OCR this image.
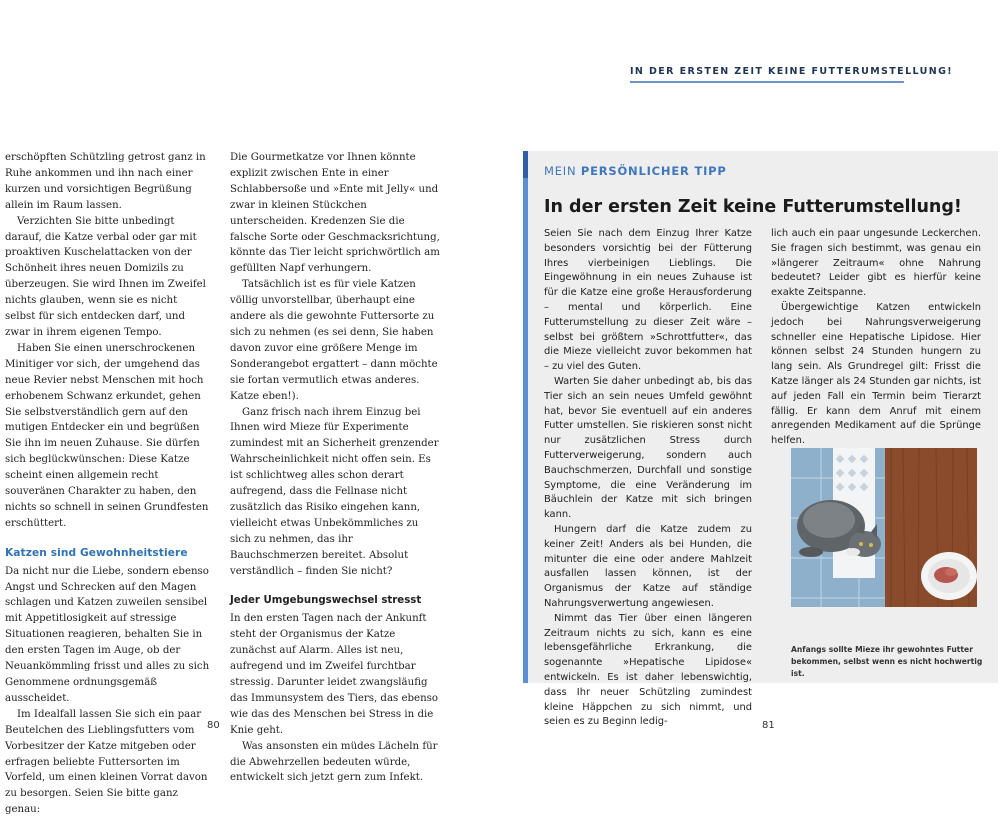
erschöpften Schützling getrost ganz in Ruhe ankommen und ihn nach einer kurzen und vorsichtigen Begrüßung allein im Raum lassen.

Verzichten Sie bitte unbedingt darauf, die Katze verbal oder gar mit proaktiven Kuschelattacken von der Schönheit ihres neuen Domizils zu überzeugen. Sie wird Ihnen im Zweifel nichts glauben, wenn sie es nicht selbst für sich entdecken darf, und zwar in ihrem eigenen Tempo.

Haben Sie einen unerschrockenen Minitiger vor sich, der umgehend das neue Revier nebst Menschen mit hoch erhobenem Schwanz erkundet, gehen Sie selbstverständlich gern auf den mutigen Entdecker ein und begrüßen Sie ihn im neuen Zuhause. Sie dürfen sich beglückwünschen: Diese Katze scheint einen allgemein recht souveränen Charakter zu haben, den nichts so schnell in seinen Grundfesten erschüttert.

Katzen sind Gewohnheitstiere

Da nicht nur die Liebe, sondern ebenso Angst und Schrecken auf den Magen schlagen und Katzen zuweilen sensibel mit Appetitlosigkeit auf stressige Situationen reagieren, behalten Sie in den ersten Tagen im Auge, ob der Neuankömmling frisst und alles zu sich Genommene ordnungsgemäß ausscheidet.

Im Idealfall lassen Sie sich ein paar Beutelchen des Lieblingsfutters vom Vorbesitzer der Katze mitgeben oder erfragen beliebte Futtersorten im Vorfeld, um einen kleinen Vorrat davon zu besorgen. Seien Sie bitte ganz genau:

Die Gourmetkatze vor Ihnen könnte explizit zwischen Ente in einer Schlabbersoße und »Ente mit Jelly« und zwar in kleinen Stückchen unterscheiden. Kredenzen Sie die falsche Sorte oder Geschmacksrichtung, könnte das Tier leicht sprichwörtlich am gefüllten Napf verhungern.

Tatsächlich ist es für viele Katzen völlig unvorstellbar, überhaupt eine andere als die gewohnte Futtersorte zu sich zu nehmen (es sei denn, Sie haben davon zuvor eine größere Menge im Sonderangebot ergattert – dann möchte sie fortan vermutlich etwas anderes. Katze eben!).

Ganz frisch nach ihrem Einzug bei Ihnen wird Mieze für Experimente zumindest mit an Sicherheit grenzender Wahrscheinlichkeit nicht offen sein. Es ist schlichtweg alles schon derart aufregend, dass die Fellnase nicht zusätzlich das Risiko eingehen kann, vielleicht etwas Unbekömmliches zu sich zu nehmen, das ihr Bauchschmerzen bereitet. Absolut verständlich – finden Sie nicht?

Jeder Umgebungswechsel stresst

In den ersten Tagen nach der Ankunft steht der Organismus der Katze zunächst auf Alarm. Alles ist neu, aufregend und im Zweifel furchtbar stressig. Darunter leidet zwangsläufig das Immunsystem des Tiers, das ebenso wie das des Menschen bei Stress in die Knie geht.

Was ansonsten ein müdes Lächeln für die Abwehrzellen bedeuten würde, entwickelt sich jetzt gern zum Infekt.

80
IN DER ERSTEN ZEIT KEINE FUTTERUMSTELLUNG!
MEIN PERSÖNLICHER TIPP
In der ersten Zeit keine Futterumstellung!

Seien Sie nach dem Einzug Ihrer Katze besonders vorsichtig bei der Fütterung Ihres vierbeinigen Lieblings. Die Eingewöhnung in ein neues Zuhause ist für die Katze eine große Herausforderung – mental und körperlich. Eine Futterumstellung zu dieser Zeit wäre – selbst bei größtem »Schrottfutter«, das die Mieze vielleicht zuvor bekommen hat – zu viel des Guten.

Warten Sie daher unbedingt ab, bis das Tier sich an sein neues Umfeld gewöhnt hat, bevor Sie eventuell auf ein anderes Futter umstellen. Sie riskieren sonst nicht nur zusätzlichen Stress durch Futterverweigerung, sondern auch Bauchschmerzen, Durchfall und sonstige Symptome, die eine Veränderung im Bäuchlein der Katze mit sich bringen kann.

Hungern darf die Katze zudem zu keiner Zeit! Anders als bei Hunden, die mitunter die eine oder andere Mahlzeit ausfallen lassen können, ist der Organismus der Katze auf ständige Nahrungsverwertung angewiesen.

Nimmt das Tier über einen längeren Zeitraum nichts zu sich, kann es eine lebensgefährliche Erkrankung, die sogenannte »Hepatische Lipidose« entwickeln. Es ist daher lebenswichtig, dass Ihr neuer Schützling zumindest kleine Häppchen zu sich nimmt, und seien es zu Beginn ledig-

lich auch ein paar ungesunde Leckerchen. Sie fragen sich bestimmt, was genau ein »längerer Zeitraum« ohne Nahrung bedeutet? Leider gibt es hierfür keine exakte Zeitspanne.

Übergewichtige Katzen entwickeln jedoch bei Nahrungsverweigerung schneller eine Hepatische Lipidose. Hier können selbst 24 Stunden hungern zu lang sein. Als Grundregel gilt: Frisst die Katze länger als 24 Stunden gar nichts, ist auf jeden Fall ein Termin beim Tierarzt fällig. Er kann dem Anruf mit einem anregenden Medikament auf die Sprünge helfen.

Anfangs sollte Mieze ihr gewohntes Futter bekommen, selbst wenn es nicht hochwertig ist.
81
